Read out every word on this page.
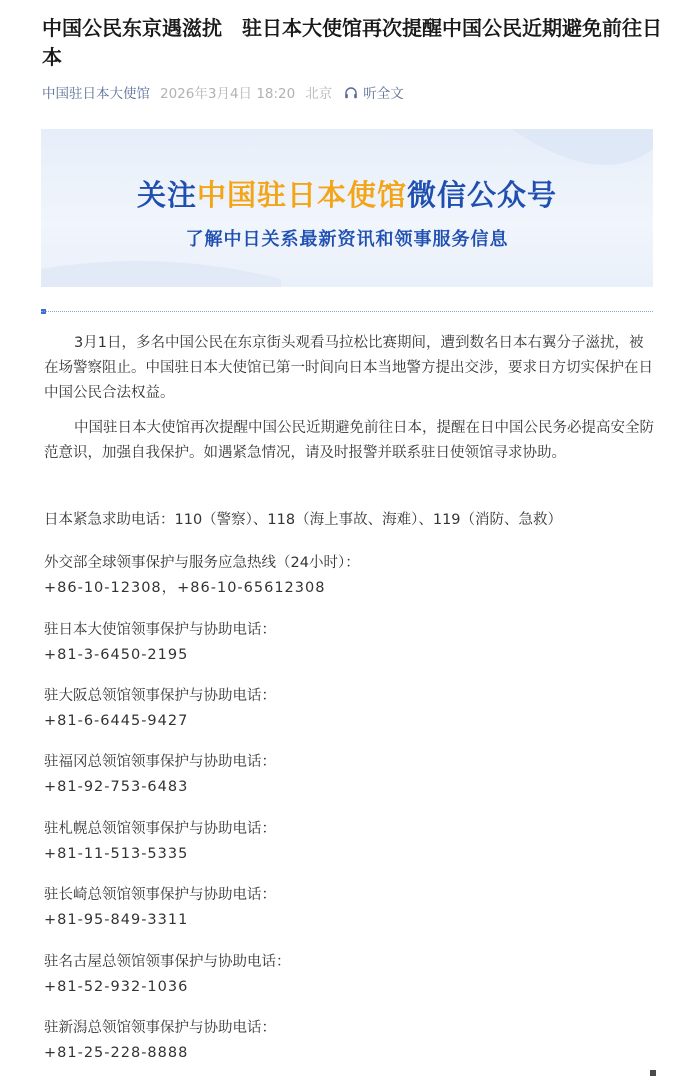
中国公民东京遇滋扰　驻日本大使馆再次提醒中国公民近期避免前往日本
中国驻日本大使馆 2026年3月4日 18:20 北京 听全文
关注中国驻日本使馆微信公众号
了解中日关系最新资讯和领事服务信息
3月1日，多名中国公民在东京街头观看马拉松比赛期间，遭到数名日本右翼分子滋扰，被在场警察阻止。中国驻日本大使馆已第一时间向日本当地警方提出交涉，要求日方切实保护在日中国公民合法权益。
中国驻日本大使馆再次提醒中国公民近期避免前往日本，提醒在日中国公民务必提高安全防范意识，加强自我保护。如遇紧急情况，请及时报警并联系驻日使领馆寻求协助。
日本紧急求助电话：110（警察）、118（海上事故、海难）、119（消防、急救）
外交部全球领事保护与服务应急热线（24小时）：
+86-10-12308，+86-10-65612308
驻日本大使馆领事保护与协助电话：
+81-3-6450-2195
驻大阪总领馆领事保护与协助电话：
+81-6-6445-9427
驻福冈总领馆领事保护与协助电话：
+81-92-753-6483
驻札幌总领馆领事保护与协助电话：
+81-11-513-5335
驻长崎总领馆领事保护与协助电话：
+81-95-849-3311
驻名古屋总领馆领事保护与协助电话：
+81-52-932-1036
驻新潟总领馆领事保护与协助电话：
+81-25-228-8888
